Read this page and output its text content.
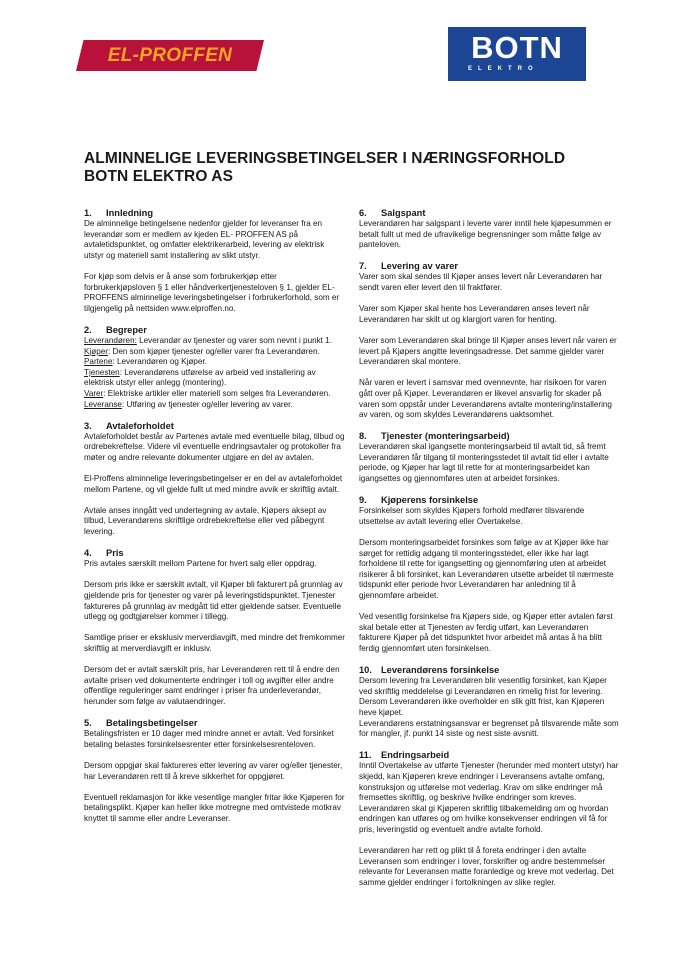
EL-PROFFEN	BOTN
ELEKTRO
ALMINNELIGE LEVERINGSBETINGELSER I NÆRINGSFORHOLD
BOTN ELEKTRO AS
1. Innledning

De alminnelige betingelsene nedenfor gjelder for leveranser fra en leverandør som er medlem av kjeden EL- PROFFEN AS på avtaletidspunktet, og omfatter elektrikerarbeid, levering av elektrisk utstyr og materiell samt installering av slikt utstyr.

For kjøp som delvis er å anse som forbrukerkjøp etter forbrukerkjøpsloven § 1 eller håndverkertjenesteloven § 1, gjelder EL-PROFFENS alminnelige leveringsbetingelser i forbrukerforhold, som er tilgjengelig på nettsiden www.elproffen.no.

2. Begreper
Leverandøren: Leverandør av tjenester og varer som nevnt i punkt 1.
Kjøper: Den som kjøper tjenester og/eller varer fra Leverandøren.
Partene: Leverandøren og Kjøper.
Tjenesten: Leverandørens utførelse av arbeid ved installering av elektrisk utstyr eller anlegg (montering).
Varer: Elektriske artikler eller materiell som selges fra Leverandøren.
Leveranse: Utføring av tjenester og/eller levering av varer.
3. Avtaleforholdet

Avtaleforholdet består av Partenes avtale med eventuelle bilag, tilbud og ordrebekreftelse. Videre vil eventuelle endringsavtaler og protokoller fra møter og andre relevante dokumenter utgjøre en del av avtalen.

El-Proffens alminnelige leveringsbetingelser er en del av avtaleforholdet mellom Partene, og vil gjelde fullt ut med mindre avvik er skriftlig avtalt.

Avtale anses inngått ved undertegning av avtale, Kjøpers aksept av tilbud, Leverandørens skriftlige ordrebekreftelse eller ved påbegynt levering.

4. Pris

Pris avtales særskilt mellom Partene for hvert salg eller oppdrag.

Dersom pris ikke er særskilt avtalt, vil Kjøper bli fakturert på grunnlag av gjeldende pris for tjenester og varer på leveringstidspunktet. Tjenester faktureres på grunnlag av medgått tid etter gjeldende satser. Eventuelle utlegg og godtgjørelser kommer i tillegg.

Samtlige priser er eksklusiv merverdiavgift, med mindre det fremkommer skriftlig at merverdiavgift er inklusiv.

Dersom det er avtalt særskilt pris, har Leverandøren rett til å endre den avtalte prisen ved dokumenterte endringer i toll og avgifter eller andre offentlige reguleringer samt endringer i priser fra underleverandør, herunder som følge av valutaendringer.

5. Betalingsbetingelser

Betalingsfristen er 10 dager med mindre annet er avtalt. Ved forsinket betaling belastes forsinkelsesrenter etter forsinkelsesrenteloven.

Dersom oppgjør skal faktureres etter levering av varer og/eller tjenester, har Leverandøren rett til å kreve sikkerhet for oppgjøret.

Eventuell reklamasjon for ikke vesentlige mangler fritar ikke Kjøperen for betalingsplikt. Kjøper kan heller ikke motregne med omtvistede motkrav knyttet til samme eller andre Leveranser.

6. Salgspant

Leverandøren har salgspant i leverte varer inntil hele kjøpesummen er betalt fullt ut med de ufravikelige begrensninger som måtte følge av panteloven.

7. Levering av varer

Varer som skal sendes til Kjøper anses levert når Leverandøren har sendt varen eller levert den til fraktfører.

Varer som Kjøper skal hente hos Leverandøren anses levert når Leverandøren har skilt ut og klargjort varen for henting.

Varer som Leverandøren skal bringe til Kjøper anses levert når varen er levert på Kjøpers angitte leveringsadresse. Det samme gjelder varer Leverandøren skal montere.

Når varen er levert i samsvar med ovennevnte, har risikoen for varen gått over på Kjøper. Leverandøren er likevel ansvarlig for skader på varen som oppstår under Leverandørens avtalte montering/installering av varen, og som skyldes Leverandørens uaktsomhet.

8. Tjenester (monteringsarbeid)

Leverandøren skal igangsette monteringsarbeid til avtalt tid, så fremt Leverandøren får tilgang til monteringsstedet til avtalt tid eller i avtalte periode, og Kjøper har lagt til rette for at monteringsarbeidet kan igangsettes og gjennomføres uten at arbeidet forsinkes.

9. Kjøperens forsinkelse

Forsinkelser som skyldes Kjøpers forhold medfører tilsvarende utsettelse av avtalt levering eller Overtakelse.

Dersom monteringsarbeidet forsinkes som følge av at Kjøper ikke har sørget for rettidig adgang til monteringsstedet, eller ikke har lagt forholdene til rette for igangsetting og gjennomføring uten at arbeidet risikerer å bli forsinket, kan Leverandøren utsette arbeidet til nærmeste tidspunkt eller periode hvor Leverandøren har anledning til å gjennomføre arbeidet.

Ved vesentlig forsinkelse fra Kjøpers side, og Kjøper etter avtalen først skal betale etter at Tjenesten av ferdig utført, kan Leverandøren fakturere Kjøper på det tidspunktet hvor arbeidet må antas å ha blitt ferdig gjennomført uten forsinkelsen.

10. Leverandørens forsinkelse

Dersom levering fra Leverandøren blir vesentlig forsinket, kan Kjøper ved skriftlig meddelelse gi Leverandøren en rimelig frist for levering. Dersom Leverandøren ikke overholder en slik gitt frist, kan Kjøperen heve kjøpet.
Leverandørens erstatningsansvar er begrenset på tilsvarende måte som for mangler, jf. punkt 14 siste og nest siste avsnitt.

11. Endringsarbeid

Inntil Overtakelse av utførte Tjenester (herunder med montert utstyr) har skjedd, kan Kjøperen kreve endringer i Leveransens avtalte omfang, konstruksjon og utførelse mot vederlag. Krav om slike endringer må fremsettes skriftlig, og beskrive hvilke endringer som kreves. Leverandøren skal gi Kjøperen skriftlig tilbakemelding om og hvordan endringen kan utføres og om hvilke konsekvenser endringen vil få for pris, leveringstid og eventuelt andre avtalte forhold.

Leverandøren har rett og plikt til å foreta endringer i den avtalte Leveransen som endringer i lover, forskrifter og andre bestemmelser relevante for Leveransen matte foranledige og kreve mot vederlag. Det samme gjelder endringer i fortolkningen av slike regler.
